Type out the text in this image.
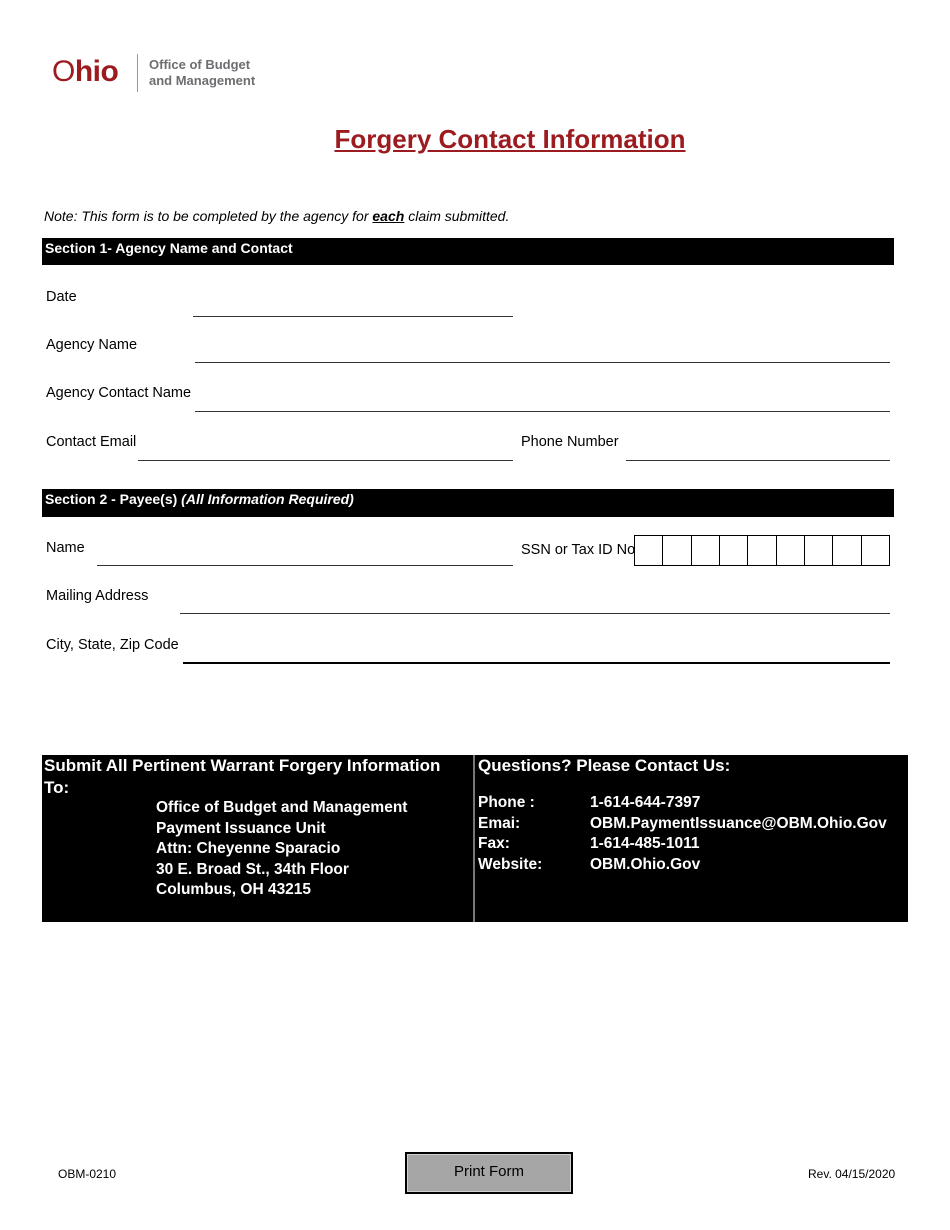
Ohio Office of Budget
and Management
Forgery Contact Information
Note: This form is to be completed by the agency for each claim submitted.
Section 1- Agency Name and Contact
Date
Agency Name
Agency Contact Name
Contact Email	Phone Number
Section 2 - Payee(s) (All Information Required)
Name	SSN or Tax ID No
Mailing Address
City, State, Zip Code
Submit All Pertinent Warrant Forgery Information To:
Office of Budget and Management
Payment Issuance Unit
Attn: Cheyenne Sparacio
30 E. Broad St., 34th Floor
Columbus, OH 43215
Questions? Please Contact Us:
Phone :	1-614-644-7397
Emai:	OBM.PaymentIssuance@OBM.Ohio.Gov
Fax:	1-614-485-1011
Website:	OBM.Ohio.Gov
OBM-0210	Print Form	Rev. 04/15/2020
